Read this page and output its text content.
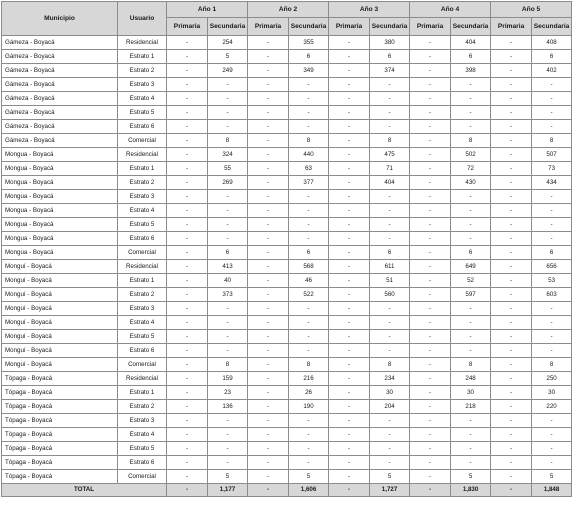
Municipio	Usuario	Año 1		Año 2		Año 3		Año 4		Año 5	
		Primaria	Secundaria	Primaria	Secundaria	Primaria	Secundaria	Primaria	Secundaria	Primaria	Secundaria
Gámeza - Boyacá	Residencial	-	254	-	355	-	380	-	404	-	408
Gámeza - Boyacá	Estrato 1	-	5	-	6	-	6	-	6	-	6
Gámeza - Boyacá	Estrato 2	-	249	-	349	-	374	-	398	-	402
Gámeza - Boyacá	Estrato 3	-	-	-	-	-	-	-	-	-	-
Gámeza - Boyacá	Estrato 4	-	-	-	-	-	-	-	-	-	-
Gámeza - Boyacá	Estrato 5	-	-	-	-	-	-	-	-	-	-
Gámeza - Boyacá	Estrato 6	-	-	-	-	-	-	-	-	-	-
Gámeza - Boyacá	Comercial	-	8	-	8	-	8	-	8	-	8
Mongua - Boyacá	Residencial	-	324	-	440	-	475	-	502	-	507
Mongua - Boyacá	Estrato 1	-	55	-	63	-	71	-	72	-	73
Mongua - Boyacá	Estrato 2	-	269	-	377	-	404	-	430	-	434
Mongua - Boyacá	Estrato 3	-	-	-	-	-	-	-	-	-	-
Mongua - Boyacá	Estrato 4	-	-	-	-	-	-	-	-	-	-
Mongua - Boyacá	Estrato 5	-	-	-	-	-	-	-	-	-	-
Mongua - Boyacá	Estrato 6	-	-	-	-	-	-	-	-	-	-
Mongua - Boyacá	Comercial	-	6	-	6	-	6	-	6	-	6
Monguí - Boyacá	Residencial	-	413	-	568	-	611	-	649	-	656
Monguí - Boyacá	Estrato 1	-	40	-	46	-	51	-	52	-	53
Monguí - Boyacá	Estrato 2	-	373	-	522	-	560	-	597	-	603
Monguí - Boyacá	Estrato 3	-	-	-	-	-	-	-	-	-	-
Monguí - Boyacá	Estrato 4	-	-	-	-	-	-	-	-	-	-
Monguí - Boyacá	Estrato 5	-	-	-	-	-	-	-	-	-	-
Monguí - Boyacá	Estrato 6	-	-	-	-	-	-	-	-	-	-
Monguí - Boyacá	Comercial	-	8	-	8	-	8	-	8	-	8
Tópaga - Boyacá	Residencial	-	159	-	216	-	234	-	248	-	250
Tópaga - Boyacá	Estrato 1	-	23	-	26	-	30	-	30	-	30
Tópaga - Boyacá	Estrato 2	-	136	-	190	-	204	-	218	-	220
Tópaga - Boyacá	Estrato 3	-	-	-	-	-	-	-	-	-	-
Tópaga - Boyacá	Estrato 4	-	-	-	-	-	-	-	-	-	-
Tópaga - Boyacá	Estrato 5	-	-	-	-	-	-	-	-	-	-
Tópaga - Boyacá	Estrato 6	-	-	-	-	-	-	-	-	-	-
Tópaga - Boyacá	Comercial	-	5	-	5	-	5	-	5	-	5
TOTAL		-	1,177	-	1,606	-	1,727	-	1,830	-	1,848
